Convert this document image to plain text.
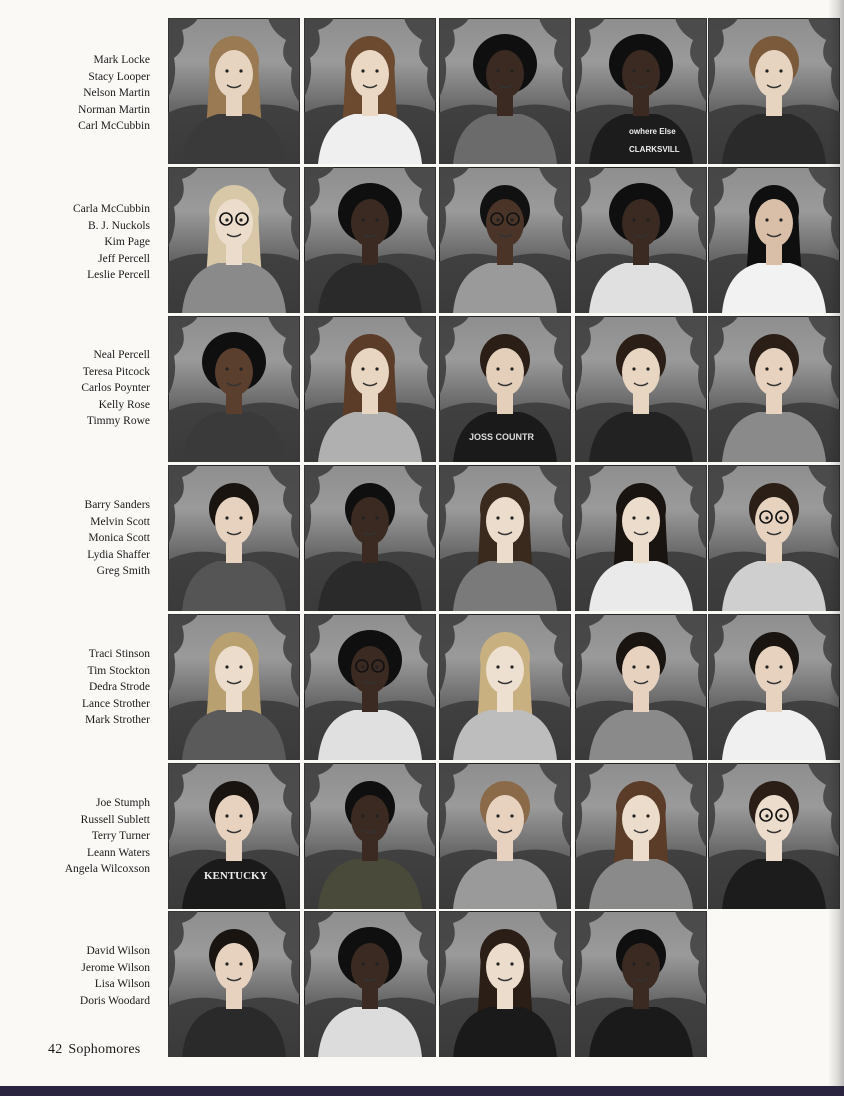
Mark Locke
Stacy Looper
Nelson Martin
Norman Martin
Carl McCubbin	owhere Else
CLARKSVILL
Carla McCubbin
B. J. Nuckols
Kim Page
Jeff Percell
Leslie Percell
Neal Percell
Teresa Pitcock
Carlos Poynter
Kelly Rose
Timmy Rowe
JOSS COUNTR
Barry Sanders
Melvin Scott
Monica Scott
Lydia Shaffer
Greg Smith
Traci Stinson
Tim Stockton
Dedra Strode
Lance Strother
Mark Strother
Joe Stumph
Russell Sublett
Terry Turner
Leann Waters
Angela Wilcoxson
KENTUCKY
David Wilson
Jerome Wilson
Lisa Wilson
Doris Woodard
42 Sophomores
